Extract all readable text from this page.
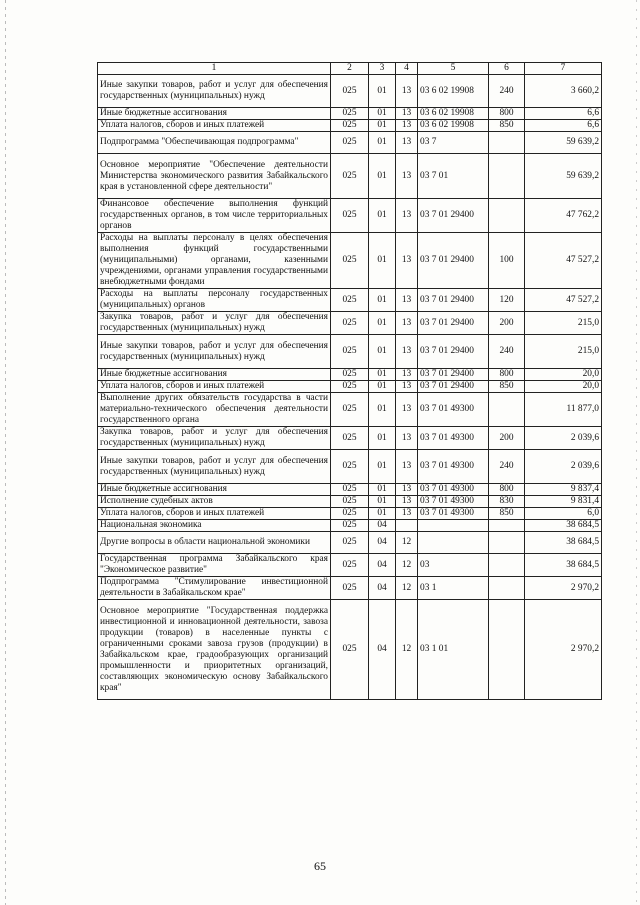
1	2	3	4	5	6	7
Иные закупки товаров, работ и услуг для обеспечения государственных (муниципальных) нужд	025	01	13	03 6 02 19908	240	3 660,2
Иные бюджетные ассигнования	025	01	13	03 6 02 19908	800	6,6
Уплата налогов, сборов и иных платежей	025	01	13	03 6 02 19908	850	6,6
Подпрограмма "Обеспечивающая подпрограмма"	025	01	13	03 7		59 639,2
Основное мероприятие "Обеспечение деятельности Министерства экономического развития Забайкальского края в установленной сфере деятельности"	025	01	13	03 7 01		59 639,2
Финансовое обеспечение выполнения функций государственных органов, в том числе территориальных органов	025	01	13	03 7 01 29400		47 762,2
Расходы на выплаты персоналу в целях обеспечения выполнения функций государственными (муниципальными) органами, казенными учреждениями, органами управления государственными внебюджетными фондами	025	01	13	03 7 01 29400	100	47 527,2
Расходы на выплаты персоналу государственных (муниципальных) органов	025	01	13	03 7 01 29400	120	47 527,2
Закупка товаров, работ и услуг для обеспечения государственных (муниципальных) нужд	025	01	13	03 7 01 29400	200	215,0
Иные закупки товаров, работ и услуг для обеспечения государственных (муниципальных) нужд	025	01	13	03 7 01 29400	240	215,0
Иные бюджетные ассигнования	025	01	13	03 7 01 29400	800	20,0
Уплата налогов, сборов и иных платежей	025	01	13	03 7 01 29400	850	20,0
Выполнение других обязательств государства в части материально-технического обеспечения деятельности государственного органа	025	01	13	03 7 01 49300		11 877,0
Закупка товаров, работ и услуг для обеспечения государственных (муниципальных) нужд	025	01	13	03 7 01 49300	200	2 039,6
Иные закупки товаров, работ и услуг для обеспечения государственных (муниципальных) нужд	025	01	13	03 7 01 49300	240	2 039,6
Иные бюджетные ассигнования	025	01	13	03 7 01 49300	800	9 837,4
Исполнение судебных актов	025	01	13	03 7 01 49300	830	9 831,4
Уплата налогов, сборов и иных платежей	025	01	13	03 7 01 49300	850	6,0
Национальная экономика	025	04				38 684,5
Другие вопросы в области национальной экономики	025	04	12			38 684,5
Государственная программа Забайкальского края "Экономическое развитие"	025	04	12	03		38 684,5
Подпрограмма "Стимулирование инвестиционной деятельности в Забайкальском крае"	025	04	12	03 1		2 970,2
Основное мероприятие "Государственная поддержка инвестиционной и инновационной деятельности, завоза продукции (товаров) в населенные пункты с ограниченными сроками завоза грузов (продукции) в Забайкальском крае, градообразующих организаций промышленности и приоритетных организаций, составляющих экономическую основу Забайкальского края"	025	04	12	03 1 01		2 970,2
65
